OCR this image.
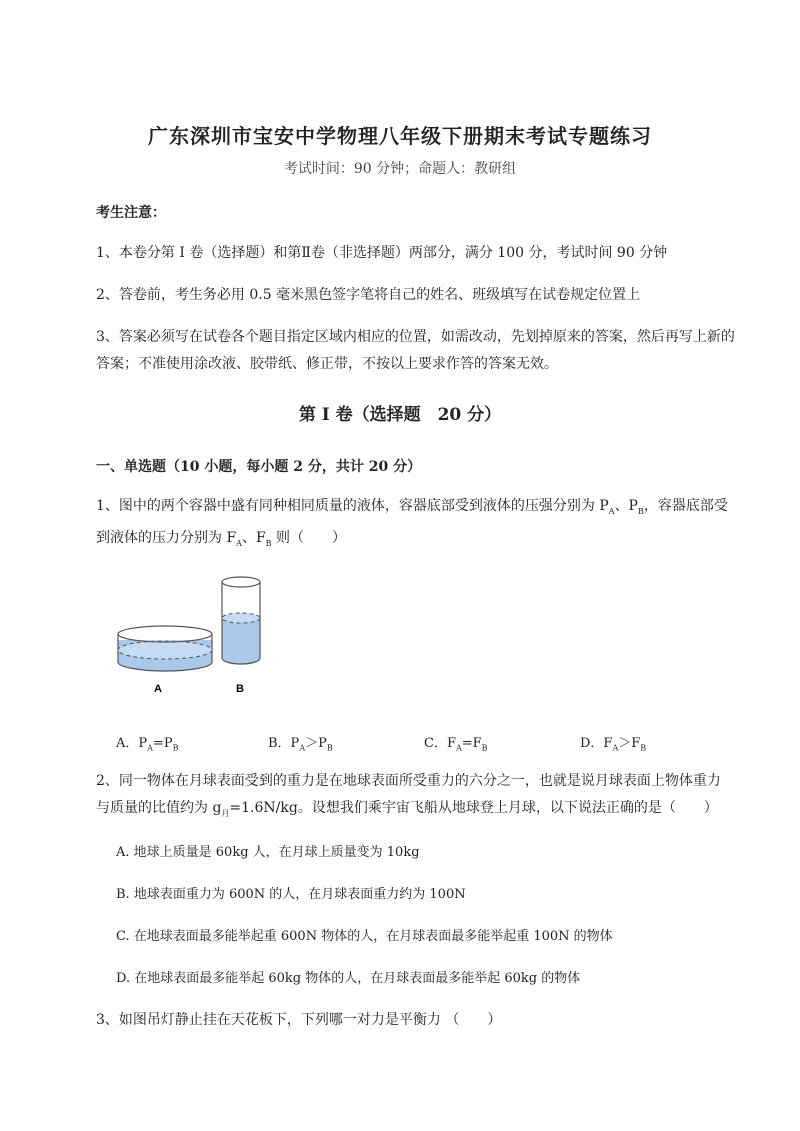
广东深圳市宝安中学物理八年级下册期末考试专题练习
考试时间：90 分钟；命题人：教研组
考生注意：
1、本卷分第 I 卷（选择题）和第Ⅱ卷（非选择题）两部分，满分 100 分，考试时间 90 分钟
2、答卷前，考生务必用 0.5 毫米黑色签字笔将自己的姓名、班级填写在试卷规定位置上
3、答案必须写在试卷各个题目指定区域内相应的位置，如需改动，先划掉原来的答案，然后再写上新的答案；不准使用涂改液、胶带纸、修正带，不按以上要求作答的答案无效。
第 I 卷（选择题　20 分）
一、单选题（10 小题，每小题 2 分，共计 20 分）
1、图中的两个容器中盛有同种相同质量的液体，容器底部受到液体的压强分别为 $P_A$、$P_B$，容器底部受
到液体的压力分别为 $F_A$、$F_B$ 则（　　）
A	B
A．$P_A=P_B$	B．$P_A>P_B$	C．$F_A=F_B$	D．$F_A>F_B$
2、同一物体在月球表面受到的重力是在地球表面所受重力的六分之一，也就是说月球表面上物体重力
与质量的比值约为 $g_月=1.6N/kg$。设想我们乘宇宙飞船从地球登上月球，以下说法正确的是（　　）
A. 地球上质量是 60kg 人，在月球上质量变为 10kg
B. 地球表面重力为 600N 的人，在月球表面重力约为 100N
C. 在地球表面最多能举起重 600N 物体的人，在月球表面最多能举起重 100N 的物体
D. 在地球表面最多能举起 60kg 物体的人，在月球表面最多能举起 60kg 的物体
3、如图吊灯静止挂在天花板下，下列哪一对力是平衡力 （　　）
